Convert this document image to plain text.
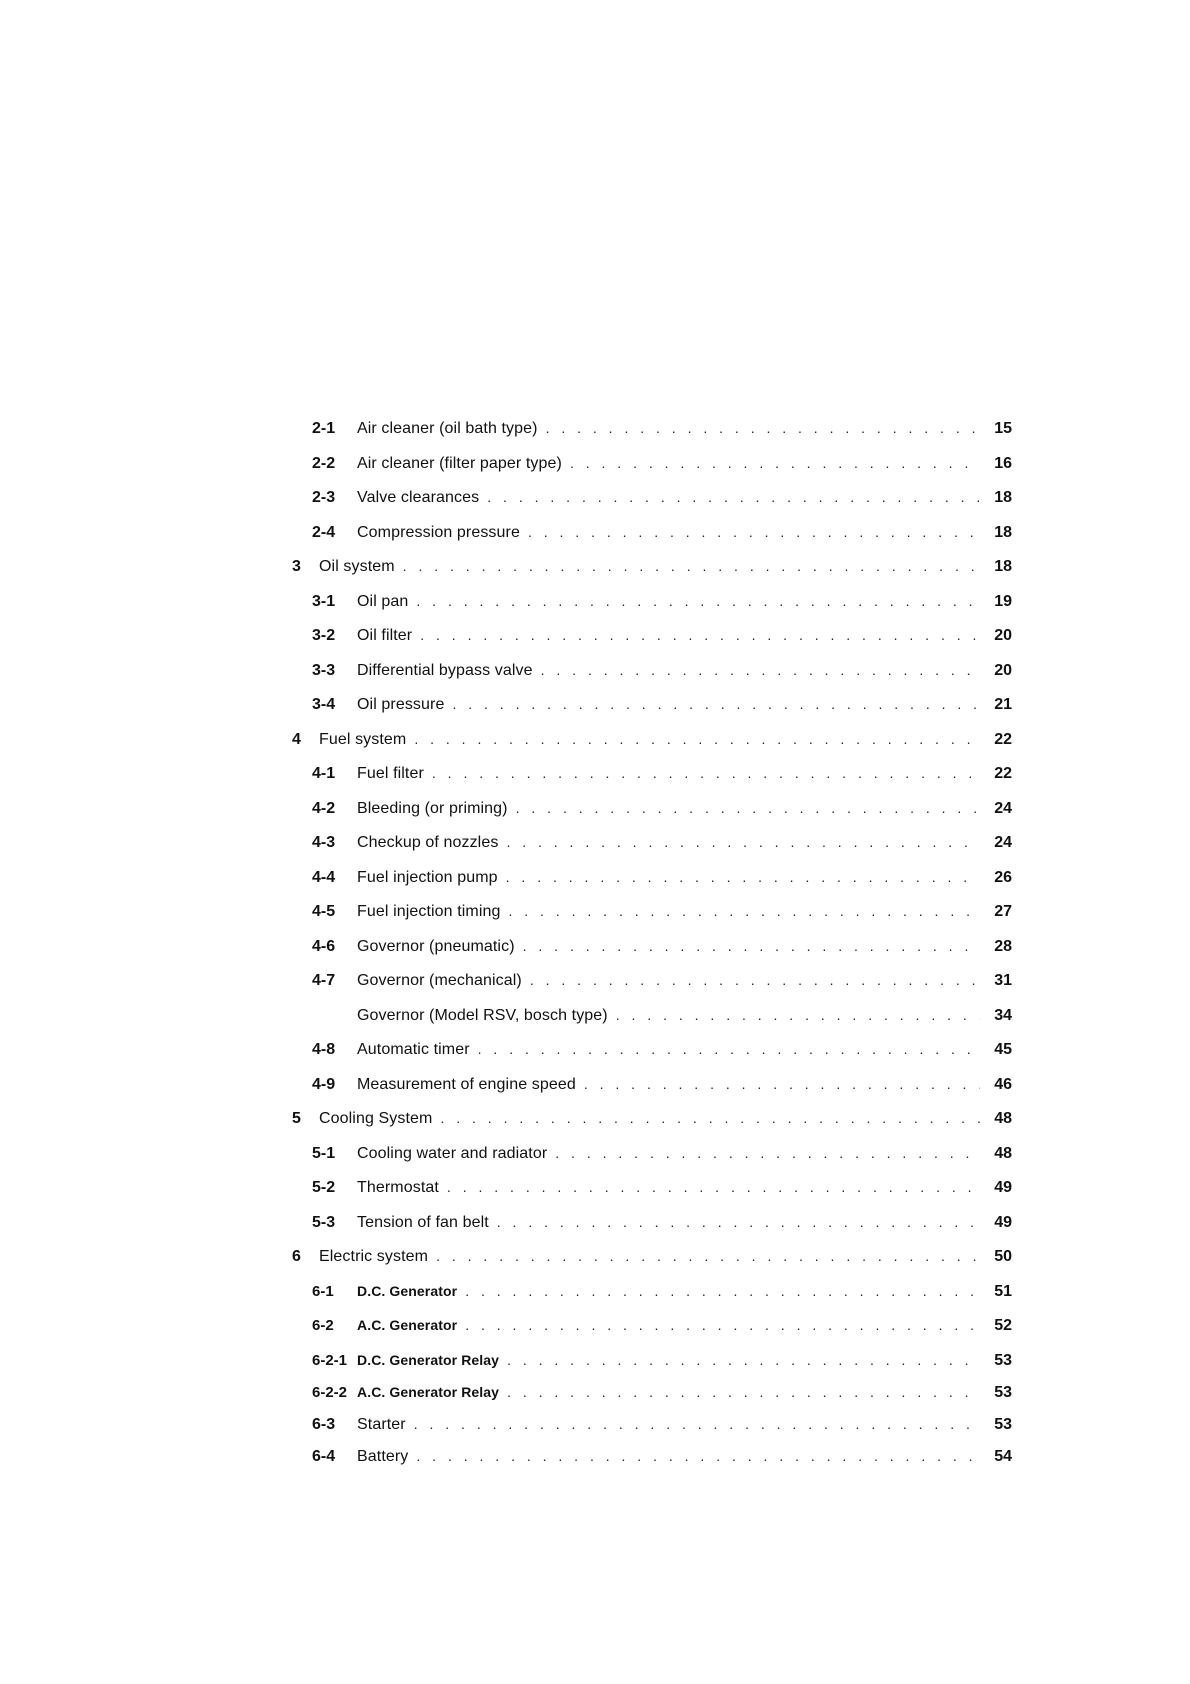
2-1	Air cleaner (oil bath type) . . .	15
2-2	Air cleaner (filter paper type) . . .	16
2-3	Valve clearances . . .	18
2-4	Compression pressure . . .	18
3	Oil system . . .	18
3-1	Oil pan . . .	19
3-2	Oil filter . . .	20
3-3	Differential bypass valve . . .	20
3-4	Oil pressure . . .	21
4	Fuel system . . .	22
4-1	Fuel filter . . .	22
4-2	Bleeding (or priming) . . .	24
4-3	Checkup of nozzles . . .	24
4-4	Fuel injection pump . . .	26
4-5	Fuel injection timing . . .	27
4-6	Governor (pneumatic) . . .	28
4-7	Governor (mechanical) . . .	31
Governor (Model RSV, bosch type) . . .	34
4-8	Automatic timer . . .	45
4-9	Measurement of engine speed . . .	46
5	Cooling System . . .	48
5-1	Cooling water and radiator . . .	48
5-2	Thermostat . . .	49
5-3	Tension of fan belt . . .	49
6	Electric system . . .	50
6-1	D.C. Generator . . .	51
6-2	A.C. Generator . . .	52
6-2-1 D.C. Generator Relay . . .	53
6-2-2 A.C. Generator Relay . . .	53
6-3	Starter . . .	53
6-4	Battery . . .	54
